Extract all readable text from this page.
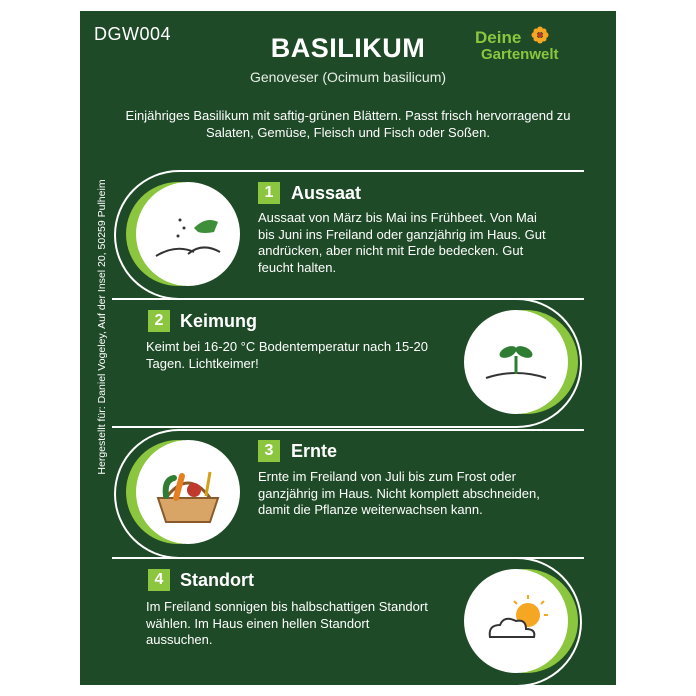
DGW004	Deine
Gartenwelt
BASILIKUM
Genoveser (Ocimum basilicum)
Einjähriges Basilikum mit saftig-grünen Blättern. Passt frisch hervorragend zu Salaten, Gemüse, Fleisch und Fisch oder Soßen.
Hergestellt für: Daniel Vogeley, Auf der Insel 20, 50259 Pulheim	1 Aussaat
Aussaat von März bis Mai ins Frühbeet. Von Mai bis Juni ins Freiland oder ganzjährig im Haus. Gut andrücken, aber nicht mit Erde bedecken. Gut feucht halten.
2 Keimung
Keimt bei 16-20 °C Bodentemperatur nach 15-20 Tagen. Lichtkeimer!
3 Ernte
Ernte im Freiland von Juli bis zum Frost oder ganzjährig im Haus. Nicht komplett abschneiden, damit die Pflanze weiterwachsen kann.
4 Standort
Im Freiland sonnigen bis halbschattigen Standort wählen. Im Haus einen hellen Standort aussuchen.
